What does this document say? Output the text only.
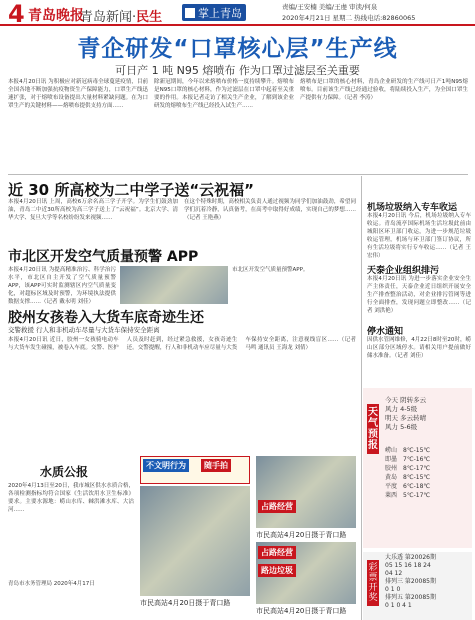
4 青岛晚报
青岛新闻·民生	掌上青岛	责编/王安楠 美编/王虔 审读/何泉
2020年4月21日 星期二 热线电话:82860065
青企研发“口罩核心层”生产线
可日产 1 吨 N95 熔喷布 作为口罩过滤层至关重要
本报4月20日讯 为积极应对新冠病毒全球蔓延疫情，目前全国各地不断加强抗疫物资生产保障能力，口罩生产线迅速扩张，对于熔喷布设备提出大量材料紧缺问题。在为口罩生产的关键材料——熔喷布提供支持方面……
除新冠期间，今年以来熔喷布价格一度持续攀升。熔喷布是N95口罩的核心材料，作为过滤层在口罩中起着至关重要的作用。本报记者走访了相关生产企业，了解到该企业研发的熔喷布生产线已经投入试生产……
熔喷布是口罩的核心材料，青岛企业研发的生产线可日产1吨N95熔喷布。目前该生产线已经通过验收，将陆续投入生产，为全国口罩生产提供有力保障。（记者 李涛）
近 30 所高校为二中学子送“云祝福”
本报4月20日讯 上周，高校6万余名高三学子开学。为学生们鼓劲加油，青岛二中近30所高校为高三学子送上了“云祝福”。北京大学、清华大学、复旦大学等名校纷纷发来视频……
在这个特殊时期，高校相关负责人通过视频为同学们加油鼓劲，希望同学们沉着冷静，认真备考，在高考中取得好成绩，实现自己的梦想……（记者 王艳燕）
市北区开发空气质量预警 APP
本报4月20日讯 为提高精准治污、科学治污水平，市北区自主开发了空气质量预警APP，该APP可实时监测辖区内空气质量变化，对超标区域及时预警，为环境执法提供数据支撑……（记者 戴永明 刘佳）
市北区开发空气质量预警APP。
胶州女孩卷入大货车底奇迹生还
交警救援 行人和非机动车尽量与大货车保持安全距离
本报4月20日讯 近日，胶州一女孩骑电动车与大货车发生碰撞，被卷入车底。交警、医护人员及时赶到，经过紧急救援，女孩奇迹生还。交警提醒，行人和非机动车应尽量与大货车保持安全距离，注意视线盲区……（记者 马鸣 通讯员 王海龙 刘倩）
不文明行为	随手拍
市民高站4月20日摄于青口路
占路经营
市民高站4月20日摄于青口路
占路经营
路边垃圾
市民高站4月20日摄于青口路
水质公报
2020年4月13日至20日，我市城区供水水质合格，各项检测指标均符合国家《生活饮用水卫生标准》要求。主要水源地：崂山水库、棘洪滩水库、大沽河……
青岛市水务管理局 2020年4月17日
机场垃圾纳入专车收运
本报4月20日讯 今后，机场垃圾纳入专车收运。青岛流亭国际机场生活垃圾此前由城阳区环卫部门收运，为进一步规范垃圾收运管理，机场与环卫部门签订协议，所有生活垃圾将实行专车收运……（记者 王宏伟）
天泰企业组织排污
本报4月20日讯 为进一步落实企业安全生产主体责任，天泰企业近日组织开展安全生产排查整治活动，对企业排污管网等进行全面排查，发现问题立即整改……（记者 刘洪艳）
停水通知
因供水管网维修，4月22日8时至20时，崂山区部分区域停水。请相关用户提前做好储水准备。（记者 刘佳）
天气预报
今天 阴转多云
风力 4-5级
明天 多云转晴
风力 5-6级
崂山　 8℃-15℃
即墨　 7℃-16℃
胶州　 8℃-17℃
黄岛　 8℃-15℃
平度　 6℃-18℃
莱西　 5℃-17℃
彩票开奖
大乐透 第20026期
05 15 16 18 24
04 12
排列三 第20085期
0 1 0
排列五 第20085期
0 1 0 4 1
